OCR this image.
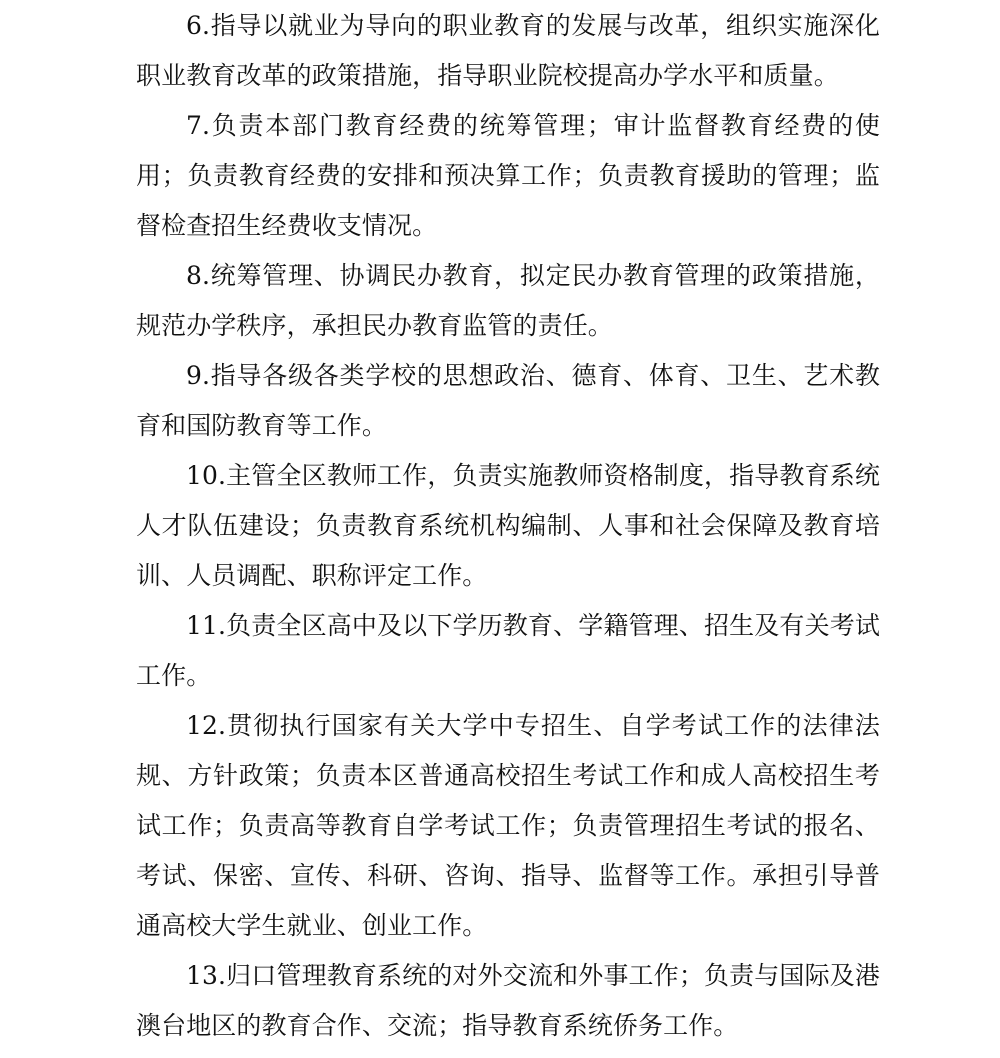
6.指导以就业为导向的职业教育的发展与改革，组织实施深化职业教育改革的政策措施，指导职业院校提高办学水平和质量。

7.负责本部门教育经费的统筹管理；审计监督教育经费的使用；负责教育经费的安排和预决算工作；负责教育援助的管理；监督检查招生经费收支情况。

8.统筹管理、协调民办教育，拟定民办教育管理的政策措施，规范办学秩序，承担民办教育监管的责任。

9.指导各级各类学校的思想政治、德育、体育、卫生、艺术教育和国防教育等工作。

10.主管全区教师工作，负责实施教师资格制度，指导教育系统人才队伍建设；负责教育系统机构编制、人事和社会保障及教育培训、人员调配、职称评定工作。

11.负责全区高中及以下学历教育、学籍管理、招生及有关考试工作。

12.贯彻执行国家有关大学中专招生、自学考试工作的法律法规、方针政策；负责本区普通高校招生考试工作和成人高校招生考试工作；负责高等教育自学考试工作；负责管理招生考试的报名、考试、保密、宣传、科研、咨询、指导、监督等工作。承担引导普通高校大学生就业、创业工作。

13.归口管理教育系统的对外交流和外事工作；负责与国际及港澳台地区的教育合作、交流；指导教育系统侨务工作。
